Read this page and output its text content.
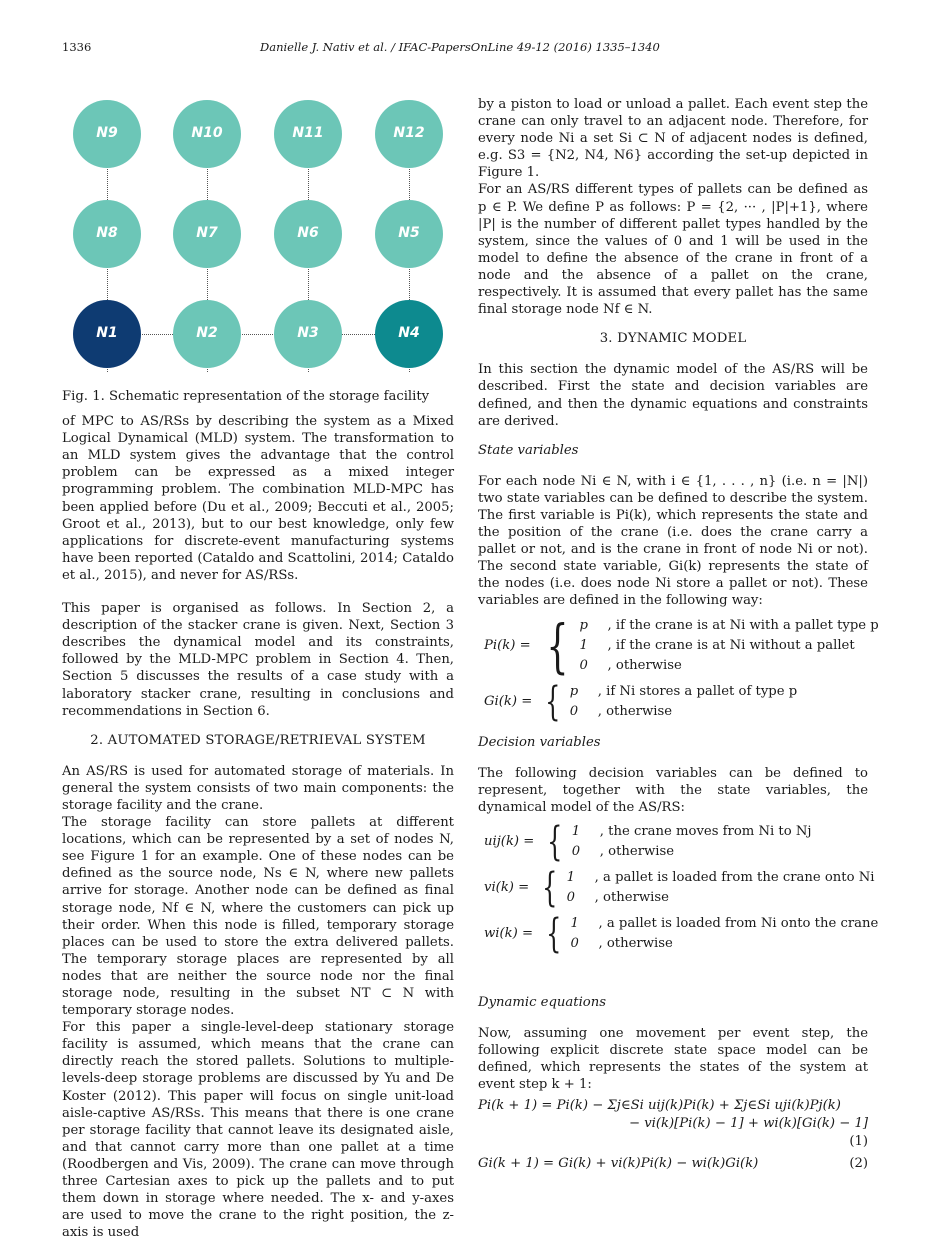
1336	Danielle J. Nativ et al. / IFAC-PapersOnLine 49-12 (2016) 1335–1340
N9	N10	N11	N12
N8	N7	N6	N5
N1	N2	N3	N4

Fig. 1. Schematic representation of the storage facility

of MPC to AS/RSs by describing the system as a Mixed Logical Dynamical (MLD) system. The transformation to an MLD system gives the advantage that the control problem can be expressed as a mixed integer programming problem. The combination MLD-MPC has been applied before (Du et al., 2009; Beccuti et al., 2005; Groot et al., 2013), but to our best knowledge, only few applications for discrete-event manufacturing systems have been reported (Cataldo and Scattolini, 2014; Cataldo et al., 2015), and never for AS/RSs.

This paper is organised as follows. In Section 2, a description of the stacker crane is given. Next, Section 3 describes the dynamical model and its constraints, followed by the MLD-MPC problem in Section 4. Then, Section 5 discusses the results of a case study with a laboratory stacker crane, resulting in conclusions and recommendations in Section 6.

2. AUTOMATED STORAGE/RETRIEVAL SYSTEM

An AS/RS is used for automated storage of materials. In general the system consists of two main components: the storage facility and the crane.

The storage facility can store pallets at different locations, which can be represented by a set of nodes N, see Figure 1 for an example. One of these nodes can be defined as the source node, Ns ∈ N, where new pallets arrive for storage. Another node can be defined as final storage node, Nf ∈ N, where the customers can pick up their order. When this node is filled, temporary storage places can be used to store the extra delivered pallets. The temporary storage places are represented by all nodes that are neither the source node nor the final storage node, resulting in the subset NT ⊂ N with temporary storage nodes.

For this paper a single-level-deep stationary storage facility is assumed, which means that the crane can directly reach the stored pallets. Solutions to multiple-levels-deep storage problems are discussed by Yu and De Koster (2012). This paper will focus on single unit-load aisle-captive AS/RSs. This means that there is one crane per storage facility that cannot leave its designated aisle, and that cannot carry more than one pallet at a time (Roodbergen and Vis, 2009). The crane can move through three Cartesian axes to pick up the pallets and to put them down in storage where needed. The x- and y-axes are used to move the crane to the right position, the z-axis is used

by a piston to load or unload a pallet. Each event step the crane can only travel to an adjacent node. Therefore, for every node Ni a set Si ⊂ N of adjacent nodes is defined, e.g. S3 = {N2, N4, N6} according the set-up depicted in Figure 1.

For an AS/RS different types of pallets can be defined as p ∈ P. We define P as follows: P = {2, ··· , |P|+1}, where |P| is the number of different pallet types handled by the system, since the values of 0 and 1 will be used in the model to define the absence of the crane in front of a node and the absence of a pallet on the crane, respectively. It is assumed that every pallet has the same final storage node Nf ∈ N.

3. DYNAMIC MODEL

In this section the dynamic model of the AS/RS will be described. First the state and decision variables are defined, and then the dynamic equations and constraints are derived.

State variables

For each node Ni ∈ N, with i ∈ {1, . . . , n} (i.e. n = |N|) two state variables can be defined to describe the system. The first variable is Pi(k), which represents the state and the position of the crane (i.e. does the crane carry a pallet or not, and is the crane in front of node Ni or not). The second state variable, Gi(k) represents the state of the nodes (i.e. does node Ni store a pallet or not). These variables are defined in the following way:

Pi(k) = { p	, if the crane is at Ni with a pallet type p
1	, if the crane is at Ni without a pallet
0	, otherwise
Gi(k) = { p	, if Ni stores a pallet of type p
0	, otherwise

Decision variables

The following decision variables can be defined to represent, together with the state variables, the dynamical model of the AS/RS:

uij(k) = { 1	, the crane moves from Ni to Nj
0	, otherwise
vi(k) = { 1	, a pallet is loaded from the crane onto Ni
0	, otherwise
wi(k) = { 1	, a pallet is loaded from Ni onto the crane
0	, otherwise

Dynamic equations

Now, assuming one movement per event step, the following explicit discrete state space model can be defined, which represents the states of the system at event step k + 1:

Pi(k + 1) = Pi(k) − Σj∈Si uij(k)Pi(k) + Σj∈Si uji(k)Pj(k)
− vi(k)[Pi(k) − 1] + wi(k)[Gi(k) − 1]
(1)
Gi(k + 1) = Gi(k) + vi(k)Pi(k) − wi(k)Gi(k)	(2)
